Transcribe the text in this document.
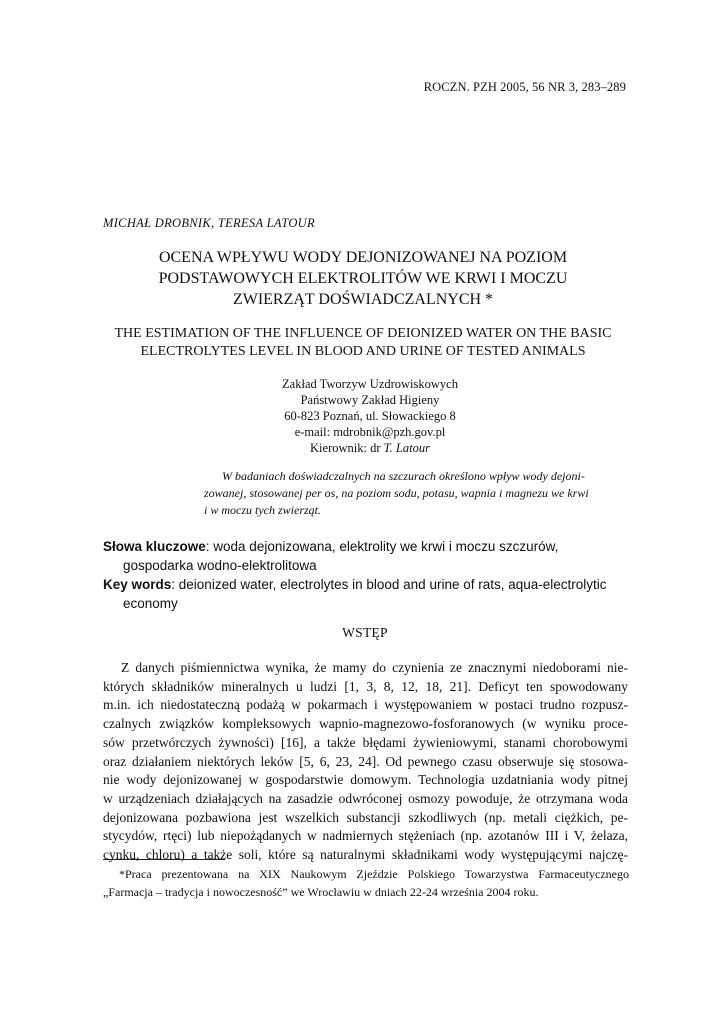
ROCZN. PZH 2005, 56 NR 3, 283–289
MICHAŁ DROBNIK, TERESA LATOUR
OCENA WPŁYWU WODY DEJONIZOWANEJ NA POZIOM
PODSTAWOWYCH ELEKTROLITÓW WE KRWI I MOCZU
ZWIERZĄT DOŚWIADCZALNYCH *
THE ESTIMATION OF THE INFLUENCE OF DEIONIZED WATER ON THE BASIC
ELECTROLYTES LEVEL IN BLOOD AND URINE OF TESTED ANIMALS
Zakład Tworzyw Uzdrowiskowych
Państwowy Zakład Higieny
60-823 Poznań, ul. Słowackiego 8
e-mail: mdrobnik@pzh.gov.pl
Kierownik: dr T. Latour
W badaniach doświadczalnych na szczurach określono wpływ wody dejoni-
zowanej, stosowanej per os, na poziom sodu, potasu, wapnia i magnezu we krwi
i w moczu tych zwierząt.

Słowa kluczowe: woda dejonizowana, elektrolity we krwi i moczu szczurów, gospodarka wodno-elektrolitowa

Key words: deionized water, electrolytes in blood and urine of rats, aqua-electrolytic economy

WSTĘP
Z danych piśmiennictwa wynika, że mamy do czynienia ze znacznymi niedoborami nie-
których składników mineralnych u ludzi [1, 3, 8, 12, 18, 21]. Deficyt ten spowodowany
m.in. ich niedostateczną podażą w pokarmach i występowaniem w postaci trudno rozpusz-
czalnych związków kompleksowych wapnio-magnezowo-fosforanowych (w wyniku proce-
sów przetwórczych żywności) [16], a także błędami żywieniowymi, stanami chorobowymi
oraz działaniem niektórych leków [5, 6, 23, 24]. Od pewnego czasu obserwuje się stosowa-
nie wody dejonizowanej w gospodarstwie domowym. Technologia uzdatniania wody pitnej
w urządzeniach działających na zasadzie odwróconej osmozy powoduje, że otrzymana woda
dejonizowana pozbawiona jest wszelkich substancji szkodliwych (np. metali ciężkich, pe-
stycydów, rtęci) lub niepożądanych w nadmiernych stężeniach (np. azotanów III i V, żelaza,
cynku, chloru) a także soli, które są naturalnymi składnikami wody występującymi najczę-
*Praca prezentowana na XIX Naukowym Zjeździe Polskiego Towarzystwa Farmaceutycznego
„Farmacja – tradycja i nowoczesność” we Wrocławiu w dniach 22-24 września 2004 roku.
